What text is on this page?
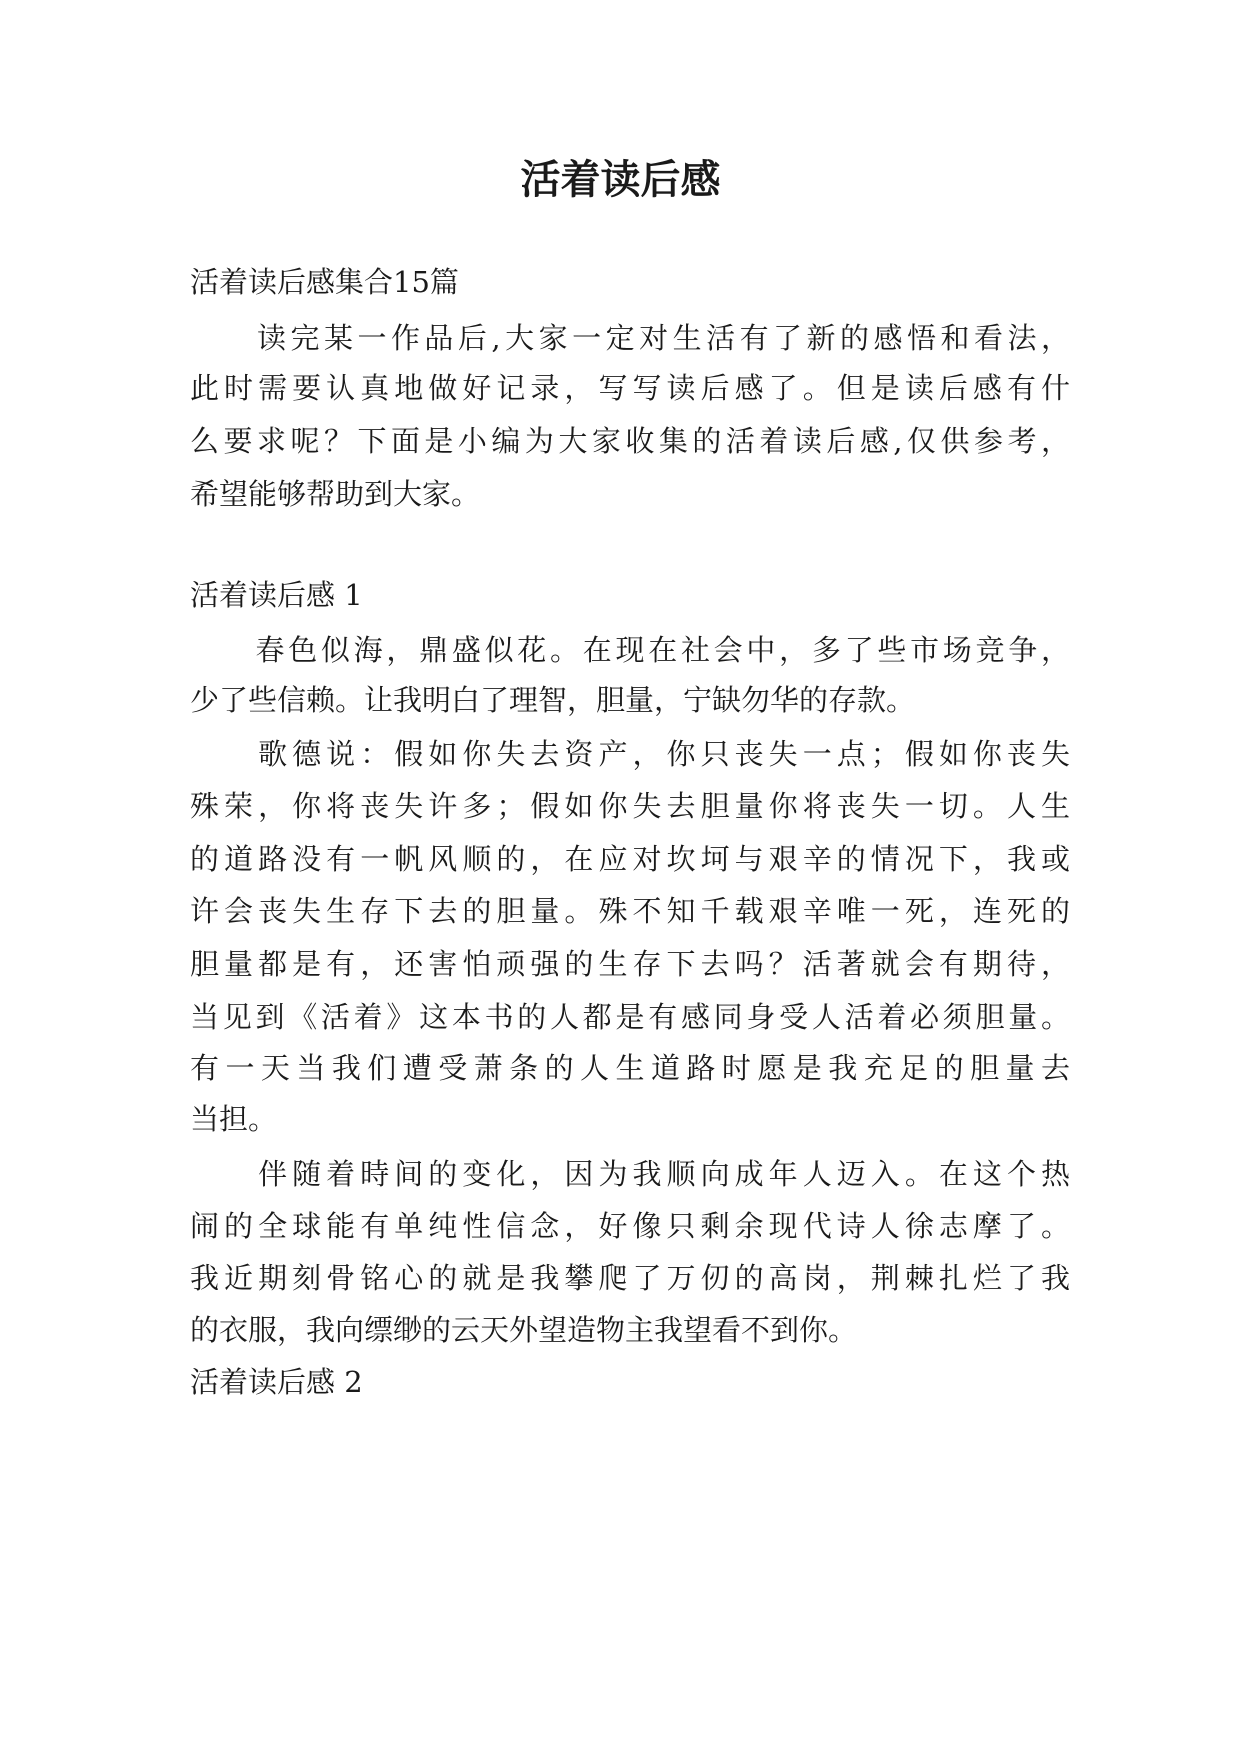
活着读后感

活着读后感集合15篇

　　读完某一作品后,大家一定对生活有了新的感悟和看法，

此时需要认真地做好记录，写写读后感了。但是读后感有什

么要求呢？下面是小编为大家收集的活着读后感,仅供参考，

希望能够帮助到大家。

活着读后感 1

　　春色似海，鼎盛似花。在现在社会中，多了些市场竞争，

少了些信赖。让我明白了理智，胆量，宁缺勿华的存款。

　　歌德说：假如你失去资产，你只丧失一点；假如你丧失

殊荣，你将丧失许多；假如你失去胆量你将丧失一切。人生

的道路没有一帆风顺的，在应对坎坷与艰辛的情况下，我或

许会丧失生存下去的胆量。殊不知千载艰辛唯一死，连死的

胆量都是有，还害怕顽强的生存下去吗？活著就会有期待，

当见到《活着》这本书的人都是有感同身受人活着必须胆量。

有一天当我们遭受萧条的人生道路时愿是我充足的胆量去

当担。

　　伴随着時间的变化，因为我顺向成年人迈入。在这个热

闹的全球能有单纯性信念，好像只剩余现代诗人徐志摩了。

我近期刻骨铭心的就是我攀爬了万仞的高岗，荆棘扎烂了我

的衣服，我向缥缈的云天外望造物主我望看不到你。

活着读后感 2
